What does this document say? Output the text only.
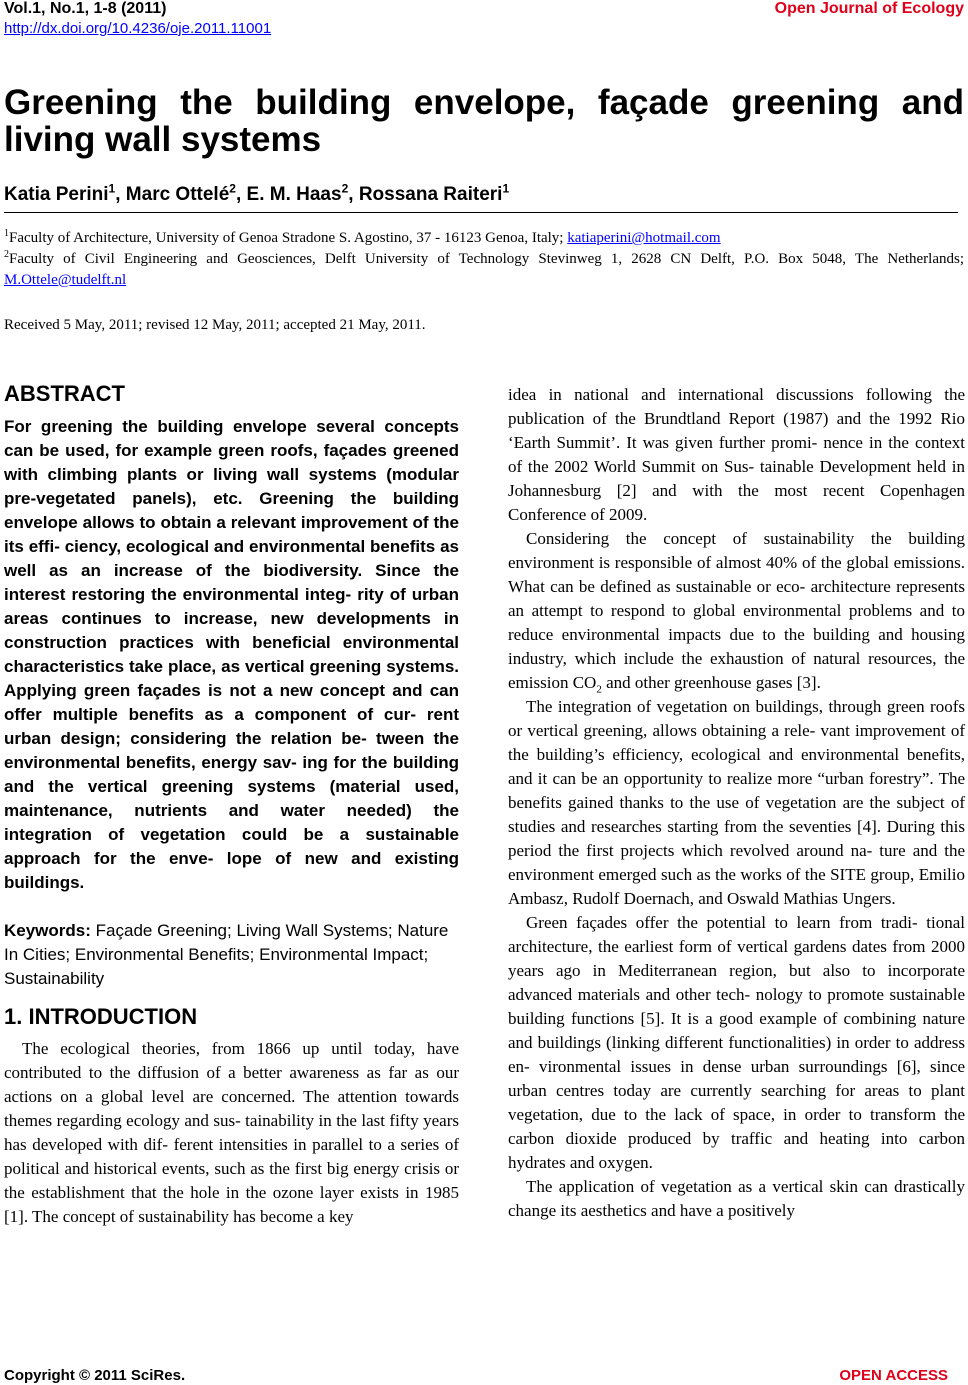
Vol.1, No.1, 1-8 (2011)
http://dx.doi.org/10.4236/oje.2011.11001
Open Journal of Ecology
Greening the building envelope, façade greening and living wall systems
Katia Perini$^1$, Marc Ottelé$^2$, E. M. Haas$^2$, Rossana Raiteri$^1$

$^1$Faculty of Architecture, University of Genoa Stradone S. Agostino, 37 - 16123 Genoa, Italy; katiaperini@hotmail.com

$^2$Faculty of Civil Engineering and Geosciences, Delft University of Technology Stevinweg 1, 2628 CN Delft, P.O. Box 5048, The Netherlands; M.Ottele@tudelft.nl

Received 5 May, 2011; revised 12 May, 2011; accepted 21 May, 2011.
ABSTRACT

For greening the building envelope several concepts can be used, for example green roofs, façades greened with climbing plants or living wall systems (modular pre-vegetated panels), etc. Greening the building envelope allows to obtain a relevant improvement of the its effi- ciency, ecological and environmental benefits as well as an increase of the biodiversity. Since the interest restoring the environmental integ- rity of urban areas continues to increase, new developments in construction practices with beneficial environmental characteristics take place, as vertical greening systems. Applying green façades is not a new concept and can offer multiple benefits as a component of cur- rent urban design; considering the relation be- tween the environmental benefits, energy sav- ing for the building and the vertical greening systems (material used, maintenance, nutrients and water needed) the integration of vegetation could be a sustainable approach for the enve- lope of new and existing buildings.

Keywords: Façade Greening; Living Wall Systems; Nature In Cities; Environmental Benefits; Environmental Impact; Sustainability

1. INTRODUCTION

The ecological theories, from 1866 up until today, have contributed to the diffusion of a better awareness as far as our actions on a global level are concerned. The attention towards themes regarding ecology and sus- tainability in the last fifty years has developed with dif- ferent intensities in parallel to a series of political and historical events, such as the first big energy crisis or the establishment that the hole in the ozone layer exists in 1985 [1]. The concept of sustainability has become a key

idea in national and international discussions following the publication of the Brundtland Report (1987) and the 1992 Rio ‘Earth Summit’. It was given further promi- nence in the context of the 2002 World Summit on Sus- tainable Development held in Johannesburg [2] and with the most recent Copenhagen Conference of 2009.

Considering the concept of sustainability the building environment is responsible of almost 40% of the global emissions. What can be defined as sustainable or eco- architecture represents an attempt to respond to global environmental problems and to reduce environmental impacts due to the building and housing industry, which include the exhaustion of natural resources, the emission $CO_2$ and other greenhouse gases [3].

The integration of vegetation on buildings, through green roofs or vertical greening, allows obtaining a rele- vant improvement of the building’s efficiency, ecological and environmental benefits, and it can be an opportunity to realize more “urban forestry”. The benefits gained thanks to the use of vegetation are the subject of studies and researches starting from the seventies [4]. During this period the first projects which revolved around na- ture and the environment emerged such as the works of the SITE group, Emilio Ambasz, Rudolf Doernach, and Oswald Mathias Ungers.

Green façades offer the potential to learn from tradi- tional architecture, the earliest form of vertical gardens dates from 2000 years ago in Mediterranean region, but also to incorporate advanced materials and other tech- nology to promote sustainable building functions [5]. It is a good example of combining nature and buildings (linking different functionalities) in order to address en- vironmental issues in dense urban surroundings [6], since urban centres today are currently searching for areas to plant vegetation, due to the lack of space, in order to transform the carbon dioxide produced by traffic and heating into carbon hydrates and oxygen.

The application of vegetation as a vertical skin can drastically change its aesthetics and have a positively

Copyright © 2011 SciRes.	OPEN ACCESS
